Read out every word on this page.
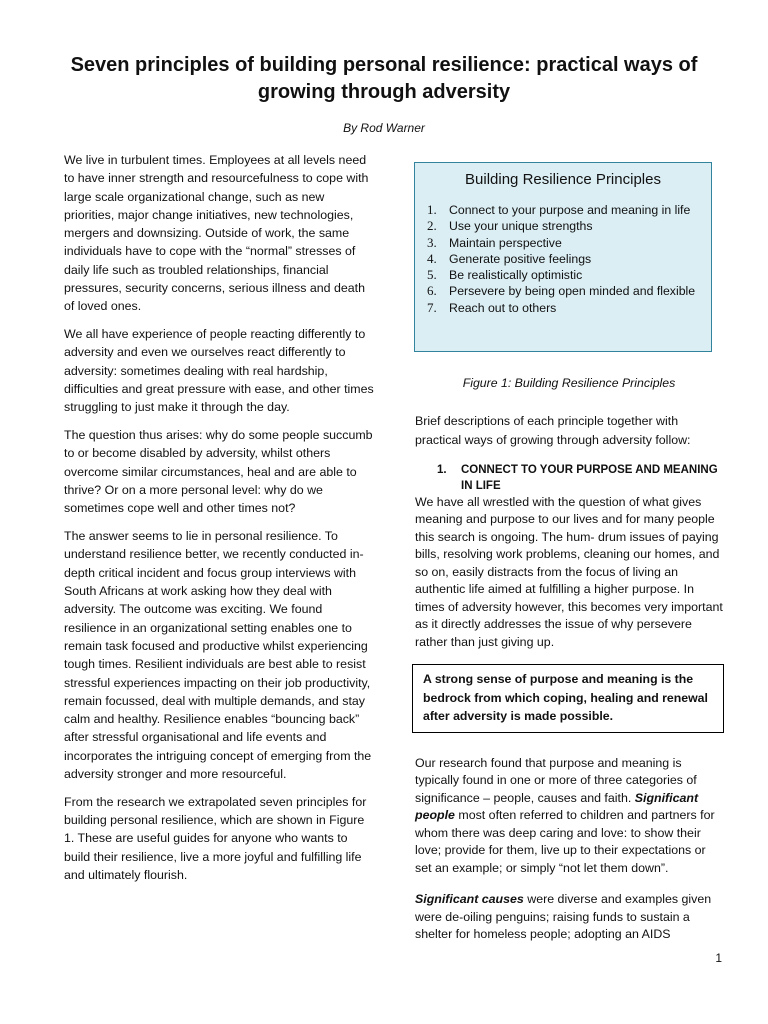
Seven principles of building personal resilience: practical ways of growing through adversity
By Rod Warner

We live in turbulent times. Employees at all levels need to have inner strength and resourcefulness to cope with large scale organizational change, such as new priorities, major change initiatives, new technologies, mergers and downsizing. Outside of work, the same individuals have to cope with the “normal” stresses of daily life such as troubled relationships, financial pressures, security concerns, serious illness and death of loved ones.

We all have experience of people reacting differently to adversity and even we ourselves react differently to adversity: sometimes dealing with real hardship, difficulties and great pressure with ease, and other times struggling to just make it through the day.

The question thus arises: why do some people succumb to or become disabled by adversity, whilst others overcome similar circumstances, heal and are able to thrive? Or on a more personal level: why do we sometimes cope well and other times not?

The answer seems to lie in personal resilience. To understand resilience better, we recently conducted in-depth critical incident and focus group interviews with South Africans at work asking how they deal with adversity. The outcome was exciting. We found resilience in an organizational setting enables one to remain task focused and productive whilst experiencing tough times. Resilient individuals are best able to resist stressful experiences impacting on their job productivity, remain focussed, deal with multiple demands, and stay calm and healthy. Resilience enables “bouncing back” after stressful organisational and life events and incorporates the intriguing concept of emerging from the adversity stronger and more resourceful.

From the research we extrapolated seven principles for building personal resilience, which are shown in Figure 1. These are useful guides for anyone who wants to build their resilience, live a more joyful and fulfilling life and ultimately flourish.

Building Resilience Principles
1. Connect to your purpose and meaning in life
2. Use your unique strengths
3. Maintain perspective
4. Generate positive feelings
5. Be realistically optimistic
6. Persevere by being open minded and flexible
7. Reach out to others
Figure 1: Building Resilience Principles

Brief descriptions of each principle together with practical ways of growing through adversity follow:

1.	CONNECT TO YOUR PURPOSE AND MEANING IN LIFE

We have all wrestled with the question of what gives meaning and purpose to our lives and for many people this search is ongoing. The hum- drum issues of paying bills, resolving work problems, cleaning our homes, and so on, easily distracts from the focus of living an authentic life aimed at fulfilling a higher purpose. In times of adversity however, this becomes very important as it directly addresses the issue of why persevere rather than just giving up.

A strong sense of purpose and meaning is the bedrock from which coping, healing and renewal after adversity is made possible.

Our research found that purpose and meaning is typically found in one or more of three categories of significance – people, causes and faith. Significant people most often referred to children and partners for whom there was deep caring and love: to show their love; provide for them, live up to their expectations or set an example; or simply “not let them down”.

Significant causes were diverse and examples given were de-oiling penguins; raising funds to sustain a shelter for homeless people; adopting an AIDS

1
